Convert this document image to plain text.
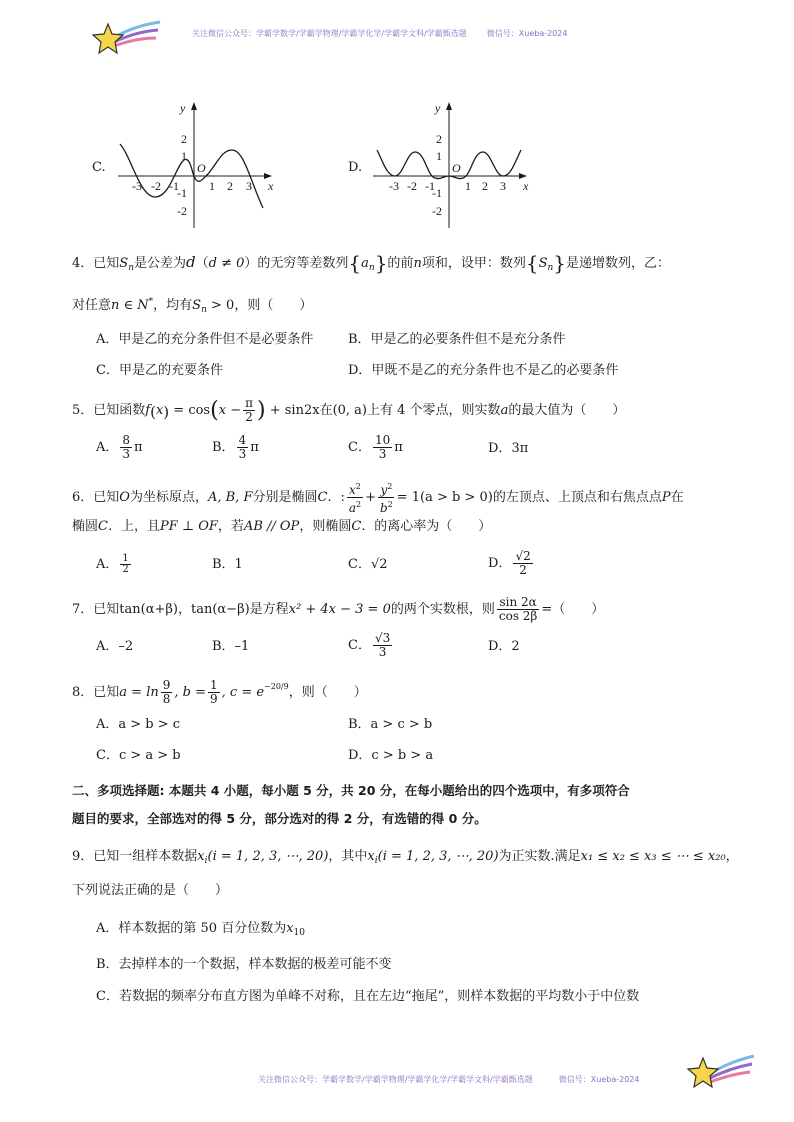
关注微信公众号：学霸学数学/学霸学物理/学霸学化学/学霸学文科/学霸甄选题	微信号：Xueba-2024
C.
y
x
O
-3 -2 -1	1 2 3
2
1
-1
-2
D.
y
x
O
-3 -2 -1	1 2 3
2
1
-1
-2
4．已知$S_n$是公差为d（d ≠ 0）的无穷等差数列$\{a_n\}$的前n项和，设甲：数列$\{S_n\}$是递增数列，乙：
对任意n ∈ N*，均有$S_n > 0$，则（　　）
A．甲是乙的充分条件但不是必要条件	B．甲是乙的必要条件但不是充分条件
C．甲是乙的充要条件	D．甲既不是乙的充分条件也不是乙的必要条件
5．已知函数$f(x) = \cos(x - \frac{\pi}{2}$ ) + sin2x在(0, a)上有 4 个零点，则实数a的最大值为（　　）
A． $\frac{8}{3}$ π	B． $\frac{4}{3}$ π	C． $\frac{10}{3}$ π	D．3π
6．已知O为坐标原点，A, B, F分别是椭圆C．: $\frac{x^2}{a^2} + \frac{y^2}{b^2} = 1(a > b > 0)$的左顶点、上顶点和右焦点点P在
椭圆C．上，且PF ⊥ OF，若AB // OP，则椭圆C．的离心率为（　　）
A． $\frac{1}{2}$	B．1	C．√2	D． $\frac{√2}{2}$
7．已知tan(α+β)，tan(α−β)是方程x² + 4x − 3 = 0的两个实数根，则 $\frac{\sin 2\alpha}{\cos 2\beta}$ =（　　）
A．–2	B．–1	C． $\frac{√3}{3}$	D．2
8．已知$a = \ln \frac{9}{8}$ , $b = \frac{1}{9}$ , $c = e^{-20/9}$，则（　　）
A．a > b > c	B．a > c > b
C．c > a > b	D．c > b > a
二、多项选择题: 本题共 4 小题，每小题 5 分，共 20 分，在每小题给出的四个选项中，有多项符合
题目的要求，全部选对的得 5 分，部分选对的得 2 分，有选错的得 0 分。
9．已知一组样本数据$x_i(i = 1$, 2, 3, ⋯, 20)，其中$x_i(i = 1$, 2, 3, ⋯, 20)为正实数.满足x₁ ≤ x₂ ≤ x₃ ≤ ⋯ ≤ x₂₀，
下列说法正确的是（　　）
A．样本数据的第 50 百分位数为$x_{10}$
B．去掉样本的一个数据，样本数据的极差可能不变
C．若数据的频率分布直方图为单峰不对称，且在左边“拖尾”，则样本数据的平均数小于中位数
关注微信公众号：学霸学数学/学霸学物理/学霸学化学/学霸学文科/学霸甄选题	微信号：Xueba-2024
